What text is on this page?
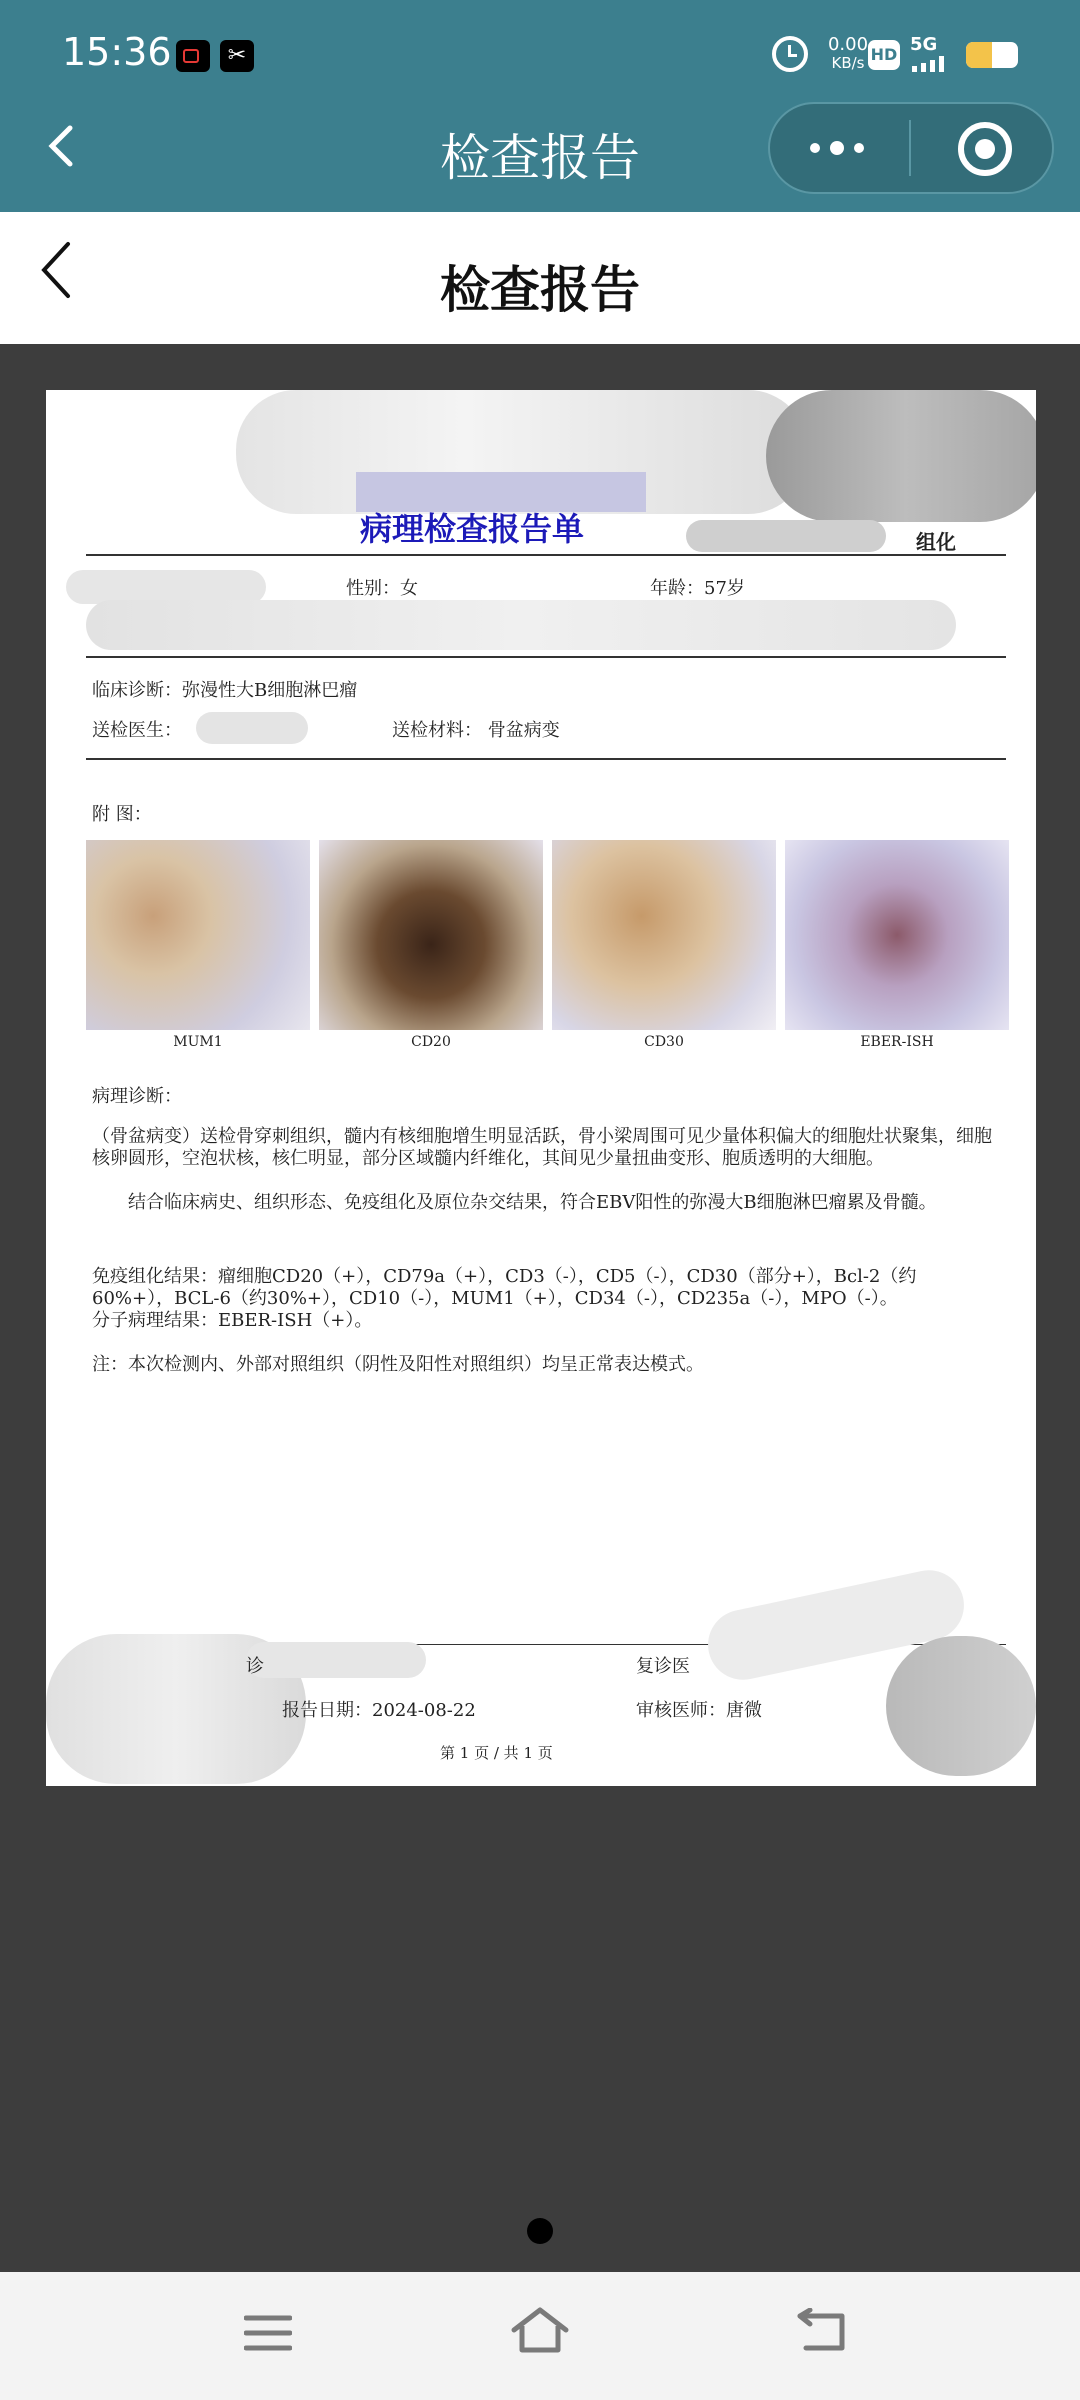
15:36	✂	0.00
KB/s HD 5G
检查报告
检查报告
病理检查报告单	组化
性别：女	年龄：57岁
临床诊断：弥漫性大B细胞淋巴瘤
送检医生：	送检材料： 骨盆病变
附 图：
MUM1	CD20	CD30	EBER-ISH
病理诊断：
（骨盆病变）送检骨穿刺组织，髓内有核细胞增生明显活跃，骨小梁周围可见少量体积偏大的细胞灶状聚集，细胞核卵圆形，空泡状核，核仁明显，部分区域髓内纤维化，其间见少量扭曲变形、胞质透明的大细胞。
结合临床病史、组织形态、免疫组化及原位杂交结果，符合EBV阳性的弥漫大B细胞淋巴瘤累及骨髓。
免疫组化结果：瘤细胞CD20（+），CD79a（+），CD3（-），CD5（-），CD30（部分+），Bcl-2（约
60%+），BCL-6（约30%+），CD10（-），MUM1（+），CD34（-），CD235a（-），MPO（-）。
分子病理结果：EBER-ISH（+）。
注：本次检测内、外部对照组织（阴性及阳性对照组织）均呈正常表达模式。
诊	复诊医
报告日期：2024-08-22	审核医师：唐微
第 1 页 / 共 1 页
